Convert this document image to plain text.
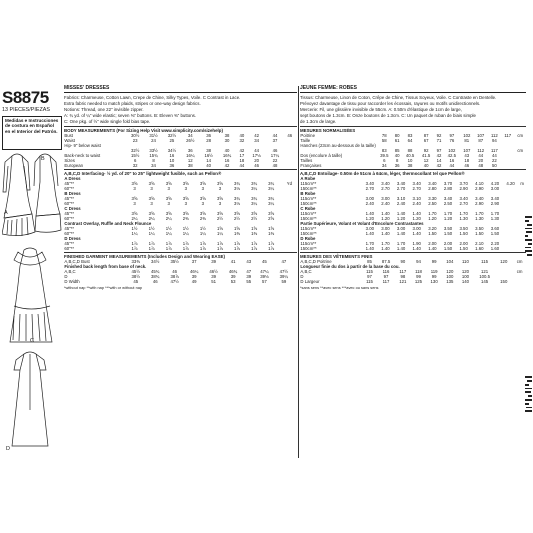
S8875
13 PIECES/PIEZAS
Medidas e Instrucciones de costura en Español en el Interior del Patrón.
B
A
C
D
MISSES' DRESSES
Fabrics: Charmeuse, Cotton Lawn, Crepe de Chine, Silky Types, Voile. C Contrast in Lace.
Extra fabric needed to match plaids, stripes or one-way design fabrics.
Notions: Thread, one 22" invisible zipper.
A: ¾ yd. of ¼" wide elastic; seven ⅜" buttons. B: Eleven ⅜" buttons.
C: One pkg. of ½" wide single fold bias tape.
BODY MEASUREMENTS (For Sizing Help Visit www.simplicity.com/sizehelp)
Bust	30½	31½	32½	34	36	38	40	42	44	46	
Waist	23	24	25	26½	28	30	32	34	37		
Hip- 9" below waist											
	32½	33½	34½	36	38	40	42	44	46		
Back-neck to waist	15½	15¾	16	16¼	16½	16¾	17	17⅛	17¼		
Sizes	6	8	10	12	14	16	18	20	22		
European	32	34	36	38	40	42	44	46	48		
A,B,C,D Interfacing- ½ yd. of 20" to 25" lightweight fusible, such as Pellon®
A Dress											
45"**	3⅝	3⅝	3⅝	3⅝	3⅝	3⅝	3¾	3¾	3¾		Yd
60"**	3	3	3	3	3	3	3⅛	3¼	3¼		
B Dress											
45"**	3⅝	3⅝	3⅝	3⅝	3⅝	3⅝	3¾	3¾	3¾		
60"**	3	3	3	3	3	3	3⅛	3¼	3¼		
C Dress											
45"**	3⅝	3⅝	3⅝	3⅝	3⅝	3⅝	3⅝	3⅝	3⅝		
60"**	2¼	2¼	2¼	2⅜	2⅜	2½	2½	2½	2⅝		
Contrast Overlay, Ruffle and Neck Flounce											
45"**	1½	1½	1½	1½	1½	1⅝	1⅝	1⅝	1⅝		
60"**	1¼	1¼	1¼	1¼	1¼	1¼	1⅜	1⅜	1⅜		
D Dress											
45"**	1⅞	1⅞	1⅞	1⅞	1⅞	1⅞	1⅞	1⅞	1⅞		
60"**	1⅞	1⅞	1⅞	1⅞	1⅞	1⅞	1⅞	1⅞	1⅞		
FINISHED GARMENT MEASUREMENTS (Includes Design and Wearing EASE)
A,B,C,D Bust	33⅜	34½	35½	37	39	41	43	45	47		
Finished back length from base of neck.										
A,B,C	45½	45¾	46	46¼	46½	46¾	47	47¼	47½		
D	38½	38¾	38⅞	39	39	39	39	39⅛	39¼		
D Width	45	46	47½	49	51	53	55	57	59		
*without nap **with nap ***with or without nap
JEUNE FEMME: ROBES
Tissus: Charmeuse, Linon de Coton, Crêpe de Chine, Tissus Soyeux, Voile. C Contraste en Dentelle.
Prévoyez davantage de tissu pour raccorder les écossais, rayures ou motifs unidirectionnels.
Mercerie: Fil, une glissière invisible de 55cm. A: 0.50m d'élastique de 1cm de large,
sept boutons de 1.3cm. B: Onze boutons de 1.3cm. C: Un paquet de ruban de biais simple
de 1.3cm de large.
MESURES NORMALISÉES
Poitrine	78	80	83	87	92	97	102	107	112	117	cm
Taille	58	61	64	67	71	76	81	87	94		
Hanches (23cm au-dessous de la taille)											
	83	85	88	92	97	102	107	112	117		cm
Dos (encolure à taille)	39.5	40	40.5	41.5	42	42.5	43	44	44		
Tailles	6	8	10	12	14	16	18	20	22		
Françaises	34	36	38	40	42	44	46	48	50		
A,B,C,D Entoilage- 0.50m de 51cm à 64cm, léger, thermocollant tel que Pellon®
A Robe											
115cm**	3.40	3.40	3.40	3.40	3.40	3.70	3.70	4.10	4.20	4.20	m
150cm**	2.70	2.70	2.70	2.70	2.80	2.80	2.90	2.90	3.00		
B Robe											
115cm**	3.00	3.00	3.10	3.10	3.30	3.40	3.40	3.40	3.40		
150cm**	2.40	2.40	2.40	2.40	2.50	2.50	2.70	2.90	2.90		
C Robe											
115cm**	1.40	1.40	1.40	1.40	1.70	1.70	1.70	1.70	1.70		
150cm**	1.20	1.20	1.20	1.20	1.20	1.20	1.30	1.30	1.30		
Partie Supérieure, Volant et Volant d'Encolure Contrastantes											
115cm**	3.00	3.00	3.00	3.00	3.20	3.50	3.50	3.50	3.60		
150cm**	1.40	1.40	1.40	1.40	1.50	1.50	1.50	1.50	1.50		
D Robe											
115cm**	1.70	1.70	1.70	1.90	2.00	2.00	2.00	2.10	2.20		
150cm**	1.40	1.40	1.40	1.40	1.40	1.50	1.50	1.60	1.60		
MESURES DES VÊTEMENTS FINIS
A,B,C,D Poitrine	85	87.5	90	94	99	104	110	115	120		cm
Longueur finie du dos à partir de la base du cou.										
A,B,C	115	116	117	118	119	120	120	121			cm
D	97	97	98	99	99	100	100	100.5			
D Largeur	115	117	121	125	130	135	140	145	150		
*sans sens **avec sens ***avec ou sans sens
